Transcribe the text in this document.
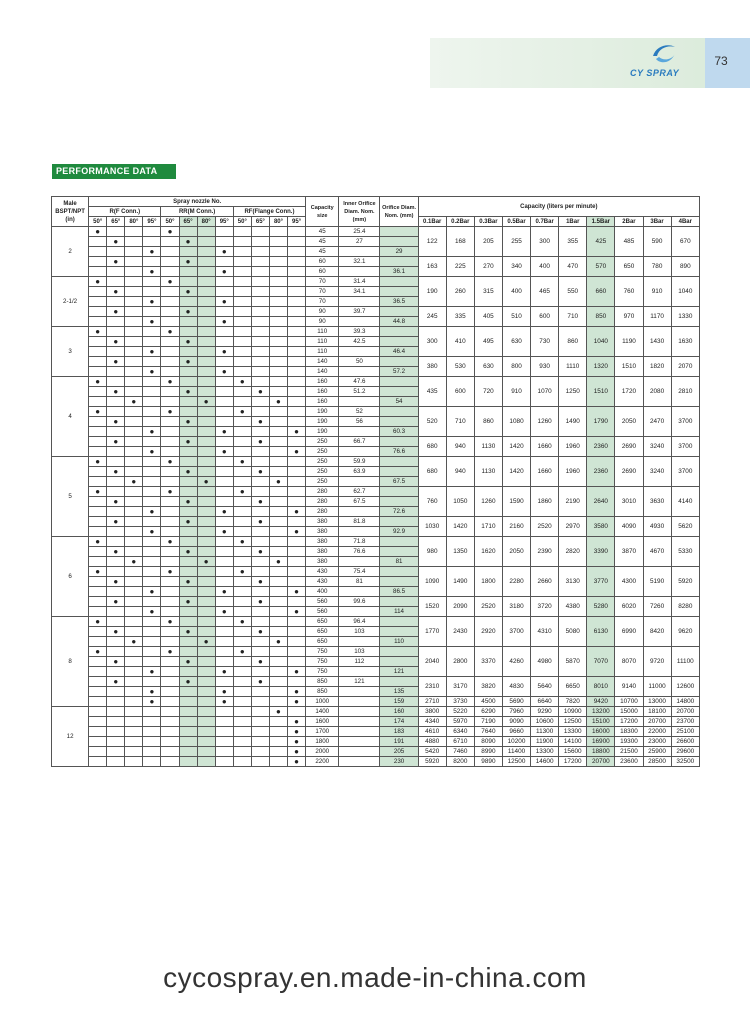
CY SPRAY
73
PERFORMANCE DATA
Male BSPT/NPT (in)	Spray nozzle No.												Capacity size	Inner Orifice Diam. Nom. (mm)	Orifice Diam. Nom. (mm)	Capacity (liters per minute)									
	R(F Conn.)				RR(M Conn.)				RF(Flange Conn.)																
	50°	65°	80°	95°	50°	65°	80°	95°	50°	65°	80°	95°				0.1Bar	0.2Bar	0.3Bar	0.5Bar	0.7Bar	1Bar	1.5Bar	2Bar	3Bar	4Bar
2	●				●								45	25.4		122	168	205	255	300	355	425	485	590	670
		●				●							45	27											
				●				●					45		29										
		●				●							60	32.1		163	225	270	340	400	470	570	650	780	890
				●				●					60		36.1										
2-1/2	●				●								70	31.4		190	260	315	400	465	550	660	760	910	1040
		●				●							70	34.1											
				●				●					70		36.5										
		●				●							90	39.7		245	335	405	510	600	710	850	970	1170	1330
				●				●					90		44.8										
3	●				●								110	39.3		300	410	495	630	730	860	1040	1190	1430	1630
		●				●							110	42.5											
				●				●					110		46.4										
		●				●							140	50		380	530	630	800	930	1110	1320	1510	1820	2070
				●				●					140		57.2										
4	●				●				●				160	47.6		435	600	720	910	1070	1250	1510	1720	2080	2810
		●				●				●			160	51.2											
			●				●				●		160		54										
	●				●				●				190	52		520	710	860	1080	1260	1490	1790	2050	2470	3700
		●				●				●			190	56											
				●				●				●	190		60.3										
		●				●				●			250	66.7		680	940	1130	1420	1660	1960	2360	2690	3240	3700
				●				●				●	250		76.6										
5	●				●				●				250	59.9		680	940	1130	1420	1660	1960	2360	2690	3240	3700
		●				●				●			250	63.9											
			●				●				●		250		67.5										
	●				●				●				280	62.7		760	1050	1260	1590	1860	2190	2640	3010	3630	4140
		●				●				●			280	67.5											
				●				●				●	280		72.6										
		●				●				●			380	81.8		1030	1420	1710	2160	2520	2970	3580	4090	4930	5620
				●				●				●	380		92.9										
6	●				●				●				380	71.8		980	1350	1620	2050	2390	2820	3390	3870	4670	5330
		●				●				●			380	76.6											
			●				●				●		380		81										
	●				●				●				430	75.4		1090	1490	1800	2280	2660	3130	3770	4300	5190	5920
		●				●				●			430	81											
				●				●				●	400		86.5										
		●				●				●			560	99.6		1520	2090	2520	3180	3720	4380	5280	6020	7260	8280
				●				●				●	560		114										
8	●				●				●				650	96.4		1770	2430	2920	3700	4310	5080	6130	6990	8420	9620
		●				●				●			650	103											
			●				●				●		650		110										
	●				●				●				750	103		2040	2800	3370	4260	4980	5870	7070	8070	9720	11100
		●				●				●			750	112											
				●				●				●	750		121										
		●				●				●			850	121		2310	3170	3820	4830	5640	6650	8010	9140	11000	12600
				●				●				●	850		135										
				●				●				●	1000		159	2710	3730	4500	5690	6640	7820	9420	10700	13000	14800
12											●		1400		160	3800	5220	6290	7960	9290	10900	13200	15000	18100	20700
												●	1600		174	4340	5970	7190	9090	10600	12500	15100	17200	20700	23700
												●	1700		183	4610	6340	7640	9660	11300	13300	16000	18300	22000	25100
												●	1800		191	4880	6710	8090	10200	11900	14100	16900	19300	23000	26600
												●	2000		205	5420	7460	8990	11400	13300	15600	18800	21500	25900	29600
												●	2200		230	5920	8200	9890	12500	14600	17200	20700	23600	28500	32500
cycospray.en.made-in-china.com
